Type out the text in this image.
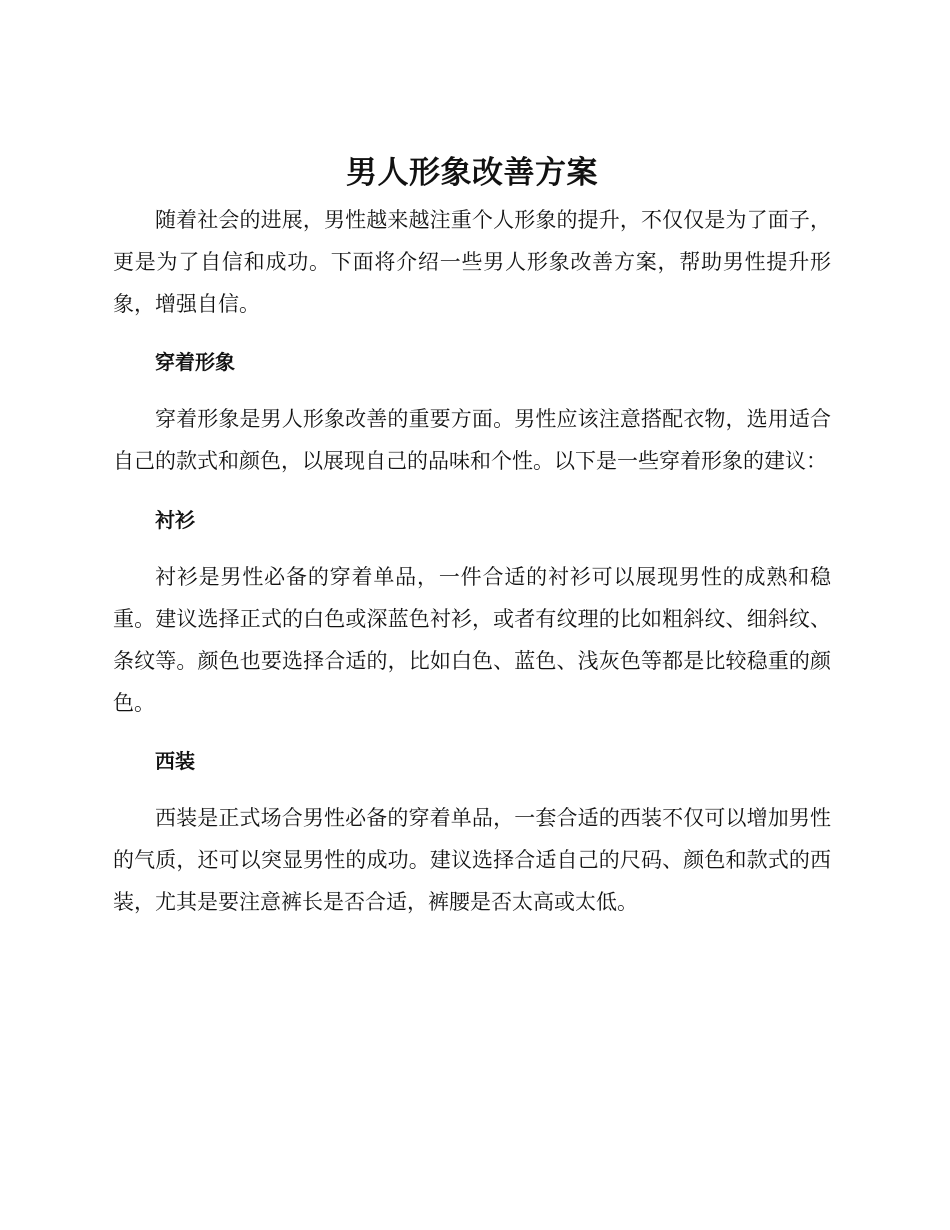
男人形象改善方案

随着社会的进展，男性越来越注重个人形象的提升，不仅仅是为了面子，更是为了自信和成功。下面将介绍一些男人形象改善方案，帮助男性提升形象，增强自信。

穿着形象

穿着形象是男人形象改善的重要方面。男性应该注意搭配衣物，选用适合自己的款式和颜色，以展现自己的品味和个性。以下是一些穿着形象的建议：

衬衫

衬衫是男性必备的穿着单品，一件合适的衬衫可以展现男性的成熟和稳重。建议选择正式的白色或深蓝色衬衫，或者有纹理的比如粗斜纹、细斜纹、条纹等。颜色也要选择合适的，比如白色、蓝色、浅灰色等都是比较稳重的颜色。

西装

西装是正式场合男性必备的穿着单品，一套合适的西装不仅可以增加男性的气质，还可以突显男性的成功。建议选择合适自己的尺码、颜色和款式的西装，尤其是要注意裤长是否合适，裤腰是否太高或太低。
